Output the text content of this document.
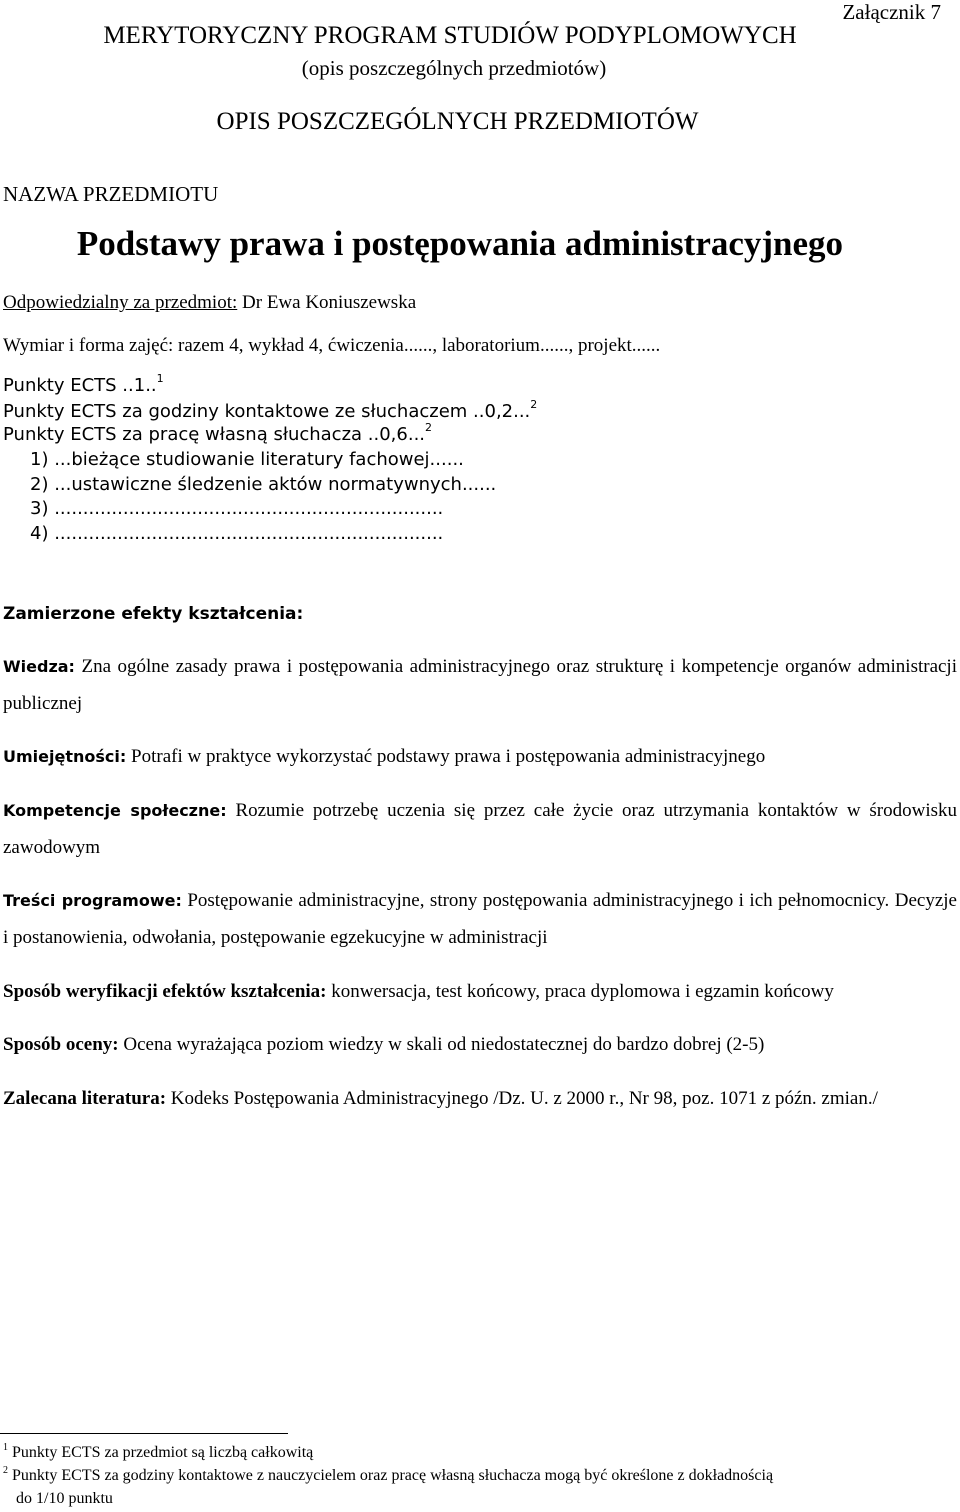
Załącznik 7
MERYTORYCZNY PROGRAM STUDIÓW PODYPLOMOWYCH
(opis poszczególnych przedmiotów)
OPIS POSZCZEGÓLNYCH PRZEDMIOTÓW
NAZWA PRZEDMIOTU
Podstawy prawa i postępowania administracyjnego
Odpowiedzialny za przedmiot: Dr Ewa Koniuszewska
Wymiar i forma zajęć: razem 4, wykład 4, ćwiczenia......, laboratorium......, projekt......
Punkty ECTS ..1..$^1$
Punkty ECTS za godziny kontaktowe ze słuchaczem ..0,2...$^2$
Punkty ECTS za pracę własną słuchacza ..0,6...$^2$
1) ...bieżące studiowanie literatury fachowej......
2) ...ustawiczne śledzenie aktów normatywnych......
3) ....................................................................
4) ....................................................................
Zamierzone efekty kształcenia:
Wiedza: Zna ogólne zasady prawa i postępowania administracyjnego oraz strukturę i kompetencje organów administracji publicznej
Umiejętności: Potrafi w praktyce wykorzystać podstawy prawa i postępowania administracyjnego
Kompetencje społeczne: Rozumie potrzebę uczenia się przez całe życie oraz utrzymania kontaktów w środowisku zawodowym
Treści programowe: Postępowanie administracyjne, strony postępowania administracyjnego i ich pełnomocnicy. Decyzje i postanowienia, odwołania, postępowanie egzekucyjne w administracji
Sposób weryfikacji efektów kształcenia: konwersacja, test końcowy, praca dyplomowa i egzamin końcowy
Sposób oceny: Ocena wyrażająca poziom wiedzy w skali od niedostatecznej do bardzo dobrej (2-5)
Zalecana literatura: Kodeks Postępowania Administracyjnego /Dz. U. z 2000 r., Nr 98, poz. 1071 z późn. zmian./
$^1$ Punkty ECTS za przedmiot są liczbą całkowitą
$^2$ Punkty ECTS za godziny kontaktowe z nauczycielem oraz pracę własną słuchacza mogą być określone z dokładnością
do 1/10 punktu
